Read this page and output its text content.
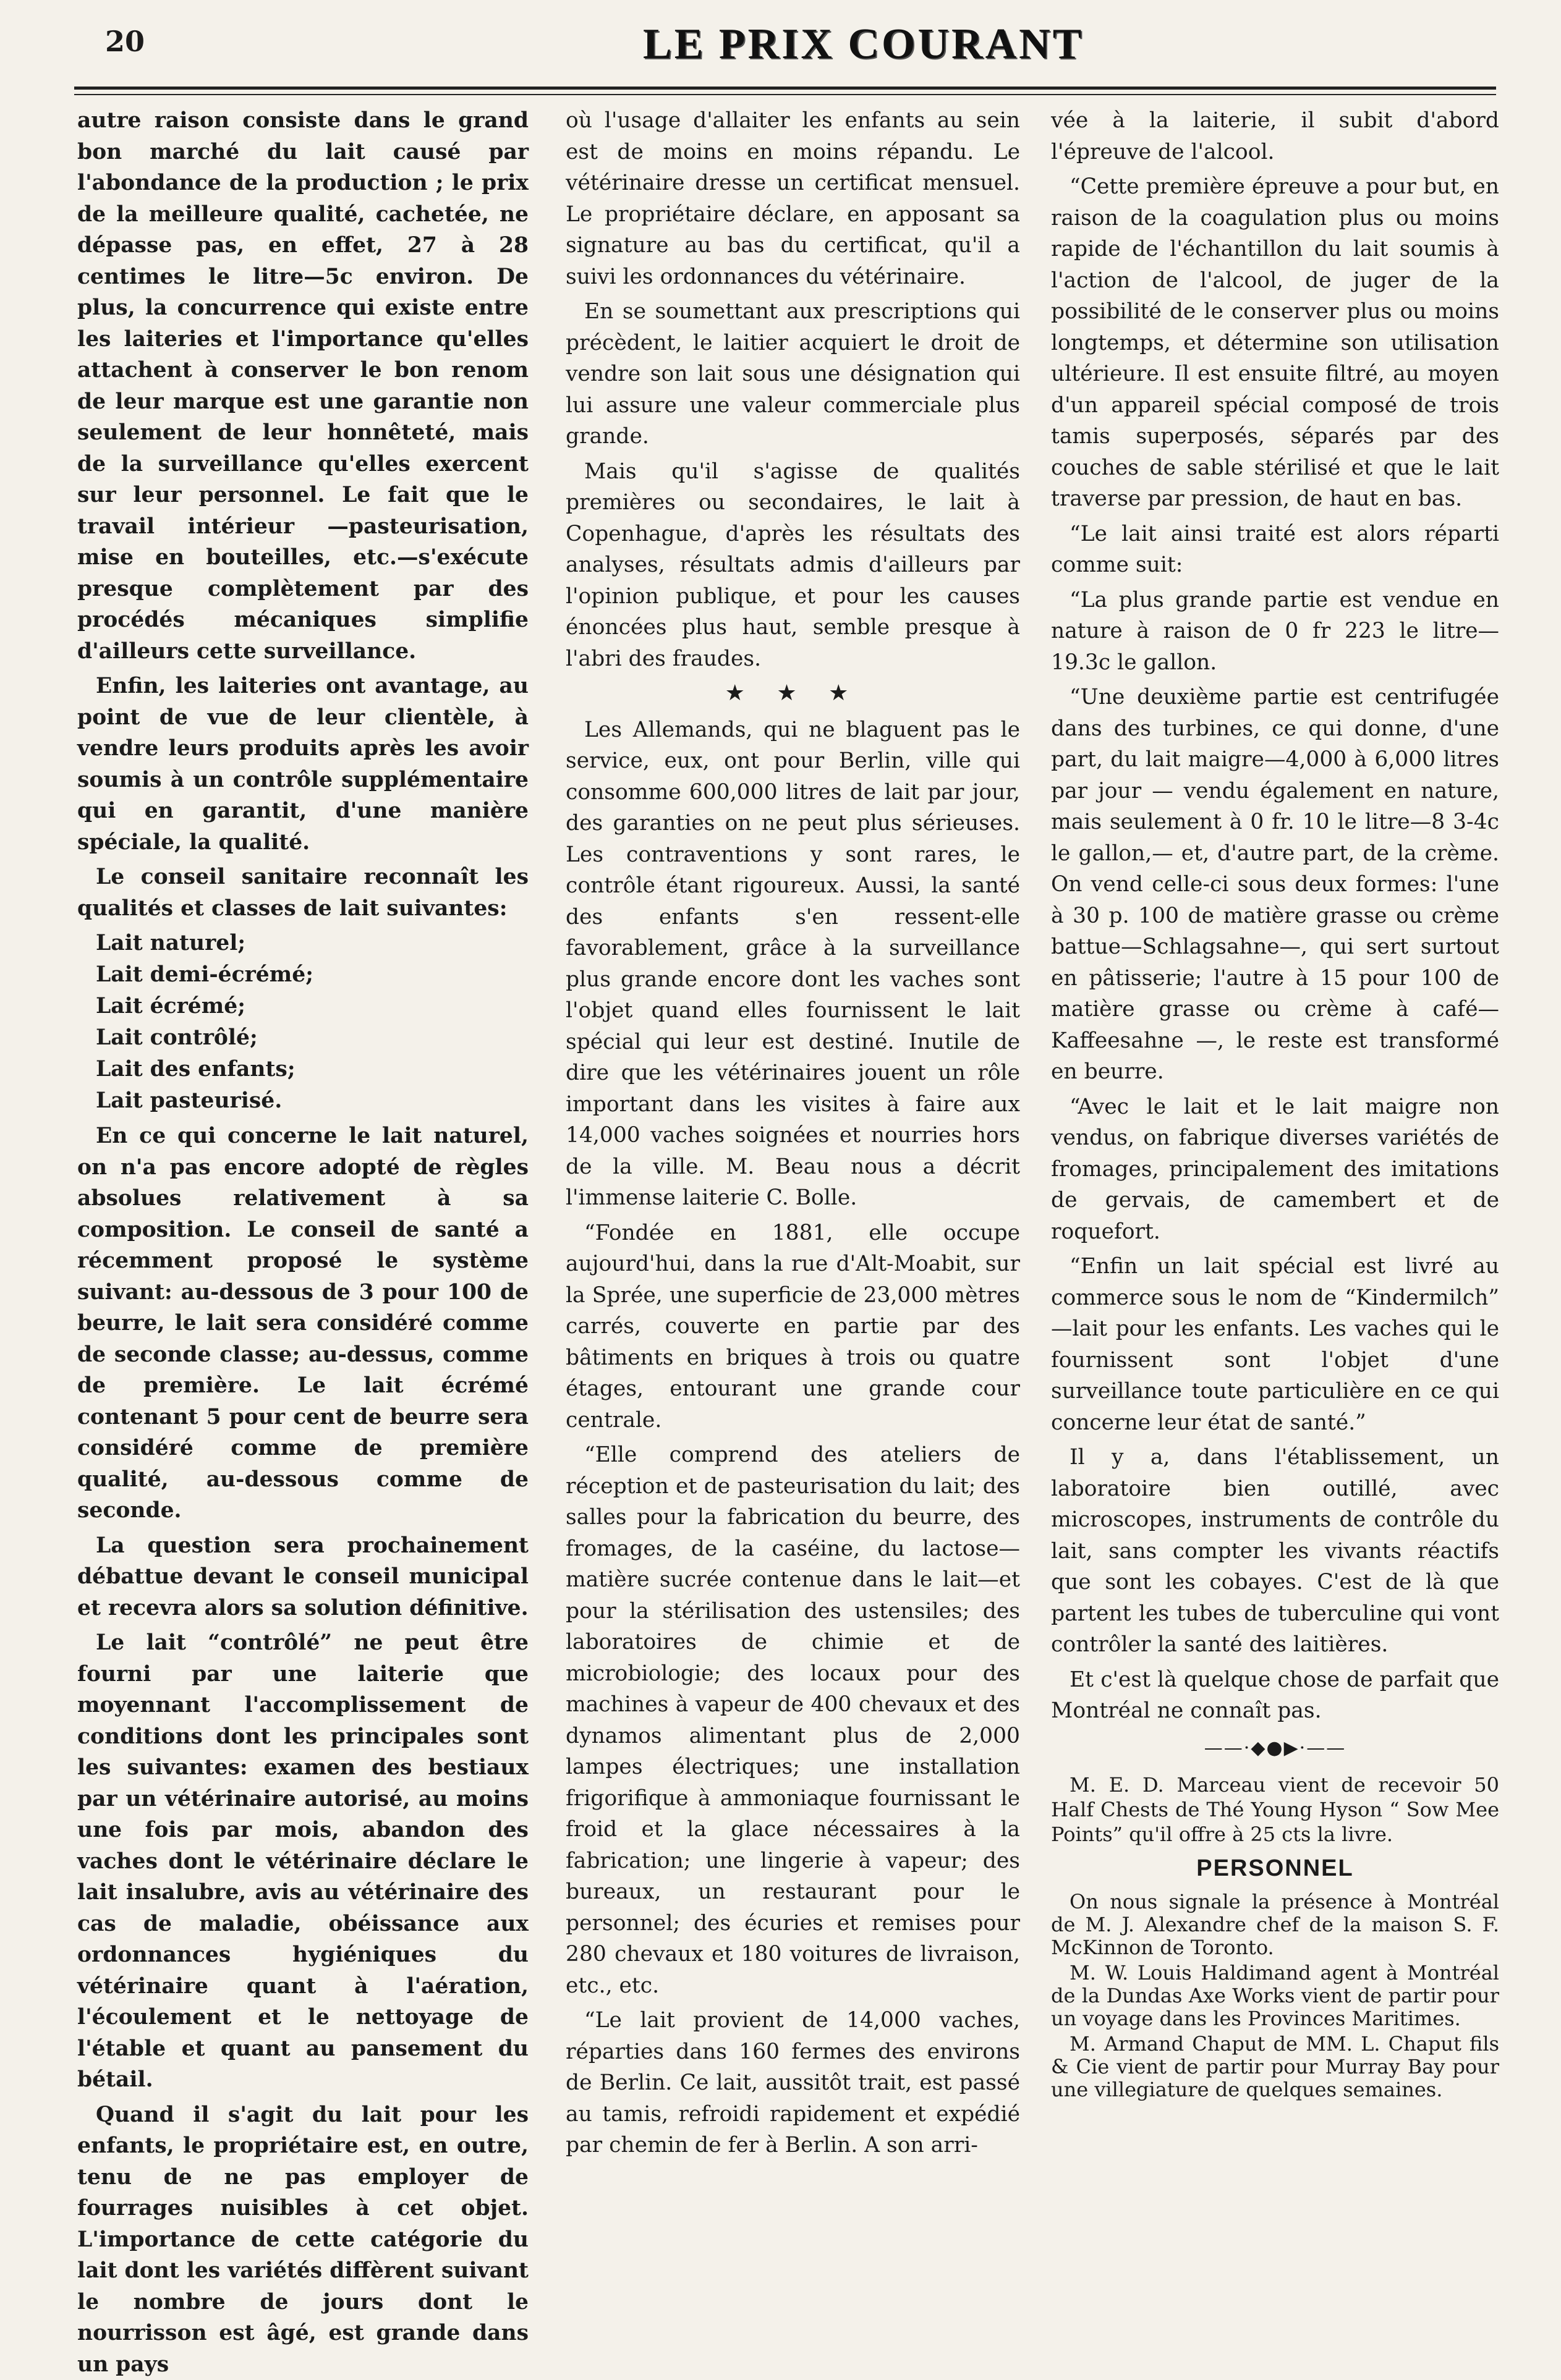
20	LE PRIX COURANT

autre raison consiste dans le grand bon marché du lait causé par l'abondance de la production ; le prix de la meilleure qualité, cachetée, ne dépasse pas, en effet, 27 à 28 centimes le litre—5c environ. De plus, la concurrence qui existe entre les laiteries et l'importance qu'elles attachent à conserver le bon renom de leur marque est une garantie non seulement de leur honnêteté, mais de la surveillance qu'elles exercent sur leur personnel. Le fait que le travail intérieur —pasteurisation, mise en bouteilles, etc.—s'exécute presque complètement par des procédés mécaniques simplifie d'ailleurs cette surveillance.

Enfin, les laiteries ont avantage, au point de vue de leur clientèle, à vendre leurs produits après les avoir soumis à un contrôle supplémentaire qui en garantit, d'une manière spéciale, la qualité.

Le conseil sanitaire reconnaît les qualités et classes de lait suivantes:

Lait naturel;
Lait demi-écrémé;
Lait écrémé;
Lait contrôlé;
Lait des enfants;
Lait pasteurisé.

En ce qui concerne le lait naturel, on n'a pas encore adopté de règles absolues relativement à sa composition. Le conseil de santé a récemment proposé le système suivant: au-dessous de 3 pour 100 de beurre, le lait sera considéré comme de seconde classe; au-dessus, comme de première. Le lait écrémé contenant 5 pour cent de beurre sera considéré comme de première qualité, au-dessous comme de seconde.

La question sera prochainement débattue devant le conseil municipal et recevra alors sa solution définitive.

Le lait “contrôlé” ne peut être fourni par une laiterie que moyennant l'accomplissement de conditions dont les principales sont les suivantes: examen des bestiaux par un vétérinaire autorisé, au moins une fois par mois, abandon des vaches dont le vétérinaire déclare le lait insalubre, avis au vétérinaire des cas de maladie, obéissance aux ordonnances hygiéniques du vétérinaire quant à l'aération, l'écoulement et le nettoyage de l'étable et quant au pansement du bétail.

Quand il s'agit du lait pour les enfants, le propriétaire est, en outre, tenu de ne pas employer de fourrages nuisibles à cet objet. L'importance de cette catégorie du lait dont les variétés diffèrent suivant le nombre de jours dont le nourrisson est âgé, est grande dans un pays

où l'usage d'allaiter les enfants au sein est de moins en moins répandu. Le vétérinaire dresse un certificat mensuel. Le propriétaire déclare, en apposant sa signature au bas du certificat, qu'il a suivi les ordonnances du vétérinaire.

En se soumettant aux prescriptions qui précèdent, le laitier acquiert le droit de vendre son lait sous une désignation qui lui assure une valeur commerciale plus grande.

Mais qu'il s'agisse de qualités premières ou secondaires, le lait à Copenhague, d'après les résultats des analyses, résultats admis d'ailleurs par l'opinion publique, et pour les causes énoncées plus haut, semble presque à l'abri des fraudes.

★ ★ ★

Les Allemands, qui ne blaguent pas le service, eux, ont pour Berlin, ville qui consomme 600,000 litres de lait par jour, des garanties on ne peut plus sérieuses. Les contraventions y sont rares, le contrôle étant rigoureux. Aussi, la santé des enfants s'en ressent-elle favorablement, grâce à la surveillance plus grande encore dont les vaches sont l'objet quand elles fournissent le lait spécial qui leur est destiné. Inutile de dire que les vétérinaires jouent un rôle important dans les visites à faire aux 14,000 vaches soignées et nourries hors de la ville. M. Beau nous a décrit l'immense laiterie C. Bolle.

“Fondée en 1881, elle occupe aujourd'hui, dans la rue d'Alt-Moabit, sur la Sprée, une superficie de 23,000 mètres carrés, couverte en partie par des bâtiments en briques à trois ou quatre étages, entourant une grande cour centrale.

“Elle comprend des ateliers de réception et de pasteurisation du lait; des salles pour la fabrication du beurre, des fromages, de la caséine, du lactose—matière sucrée contenue dans le lait—et pour la stérilisation des ustensiles; des laboratoires de chimie et de microbiologie; des locaux pour des machines à vapeur de 400 chevaux et des dynamos alimentant plus de 2,000 lampes électriques; une installation frigorifique à ammoniaque fournissant le froid et la glace nécessaires à la fabrication; une lingerie à vapeur; des bureaux, un restaurant pour le personnel; des écuries et remises pour 280 chevaux et 180 voitures de livraison, etc., etc.

“Le lait provient de 14,000 vaches, réparties dans 160 fermes des environs de Berlin. Ce lait, aussitôt trait, est passé au tamis, refroidi rapidement et expédié par chemin de fer à Berlin. A son arri-

vée à la laiterie, il subit d'abord l'épreuve de l'alcool.

“Cette première épreuve a pour but, en raison de la coagulation plus ou moins rapide de l'échantillon du lait soumis à l'action de l'alcool, de juger de la possibilité de le conserver plus ou moins longtemps, et détermine son utilisation ultérieure. Il est ensuite filtré, au moyen d'un appareil spécial composé de trois tamis superposés, séparés par des couches de sable stérilisé et que le lait traverse par pression, de haut en bas.

“Le lait ainsi traité est alors réparti comme suit:

“La plus grande partie est vendue en nature à raison de 0 fr 223 le litre—19.3c le gallon.

“Une deuxième partie est centrifugée dans des turbines, ce qui donne, d'une part, du lait maigre—4,000 à 6,000 litres par jour — vendu également en nature, mais seulement à 0 fr. 10 le litre—8 3-4c le gallon,— et, d'autre part, de la crème. On vend celle-ci sous deux formes: l'une à 30 p. 100 de matière grasse ou crème battue—Schlagsahne—, qui sert surtout en pâtisserie; l'autre à 15 pour 100 de matière grasse ou crème à café—Kaffeesahne —, le reste est transformé en beurre.

“Avec le lait et le lait maigre non vendus, on fabrique diverses variétés de fromages, principalement des imitations de gervais, de camembert et de roquefort.

“Enfin un lait spécial est livré au commerce sous le nom de “Kindermilch” —lait pour les enfants. Les vaches qui le fournissent sont l'objet d'une surveillance toute particulière en ce qui concerne leur état de santé.”

Il y a, dans l'établissement, un laboratoire bien outillé, avec microscopes, instruments de contrôle du lait, sans compter les vivants réactifs que sont les cobayes. C'est de là que partent les tubes de tuberculine qui vont contrôler la santé des laitières.

Et c'est là quelque chose de parfait que Montréal ne connaît pas.

——·◆●▶·——

M. E. D. Marceau vient de recevoir 50 Half Chests de Thé Young Hyson “ Sow Mee Points” qu'il offre à 25 cts la livre.

PERSONNEL

On nous signale la présence à Montréal de M. J. Alexandre chef de la maison S. F. McKinnon de Toronto.

M. W. Louis Haldimand agent à Montréal de la Dundas Axe Works vient de partir pour un voyage dans les Provinces Maritimes.

M. Armand Chaput de MM. L. Chaput fils & Cie vient de partir pour Murray Bay pour une villegiature de quelques semaines.
